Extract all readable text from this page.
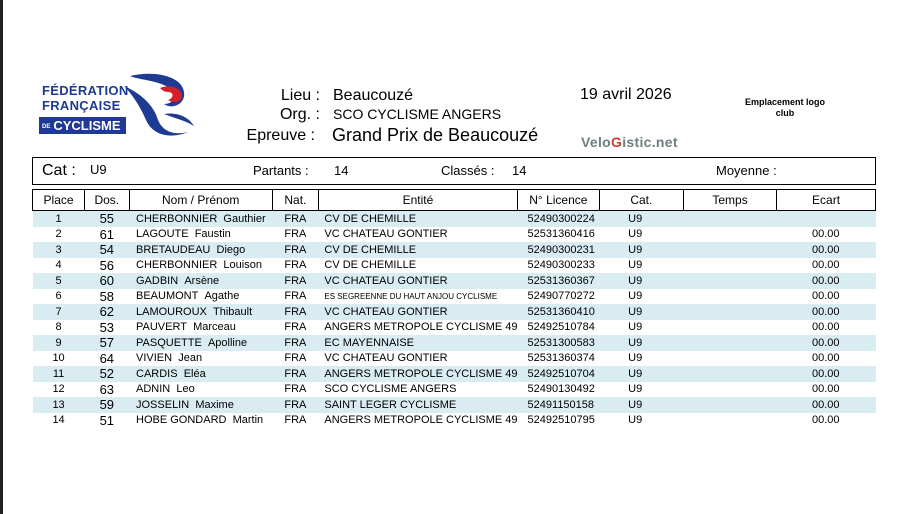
FÉDÉRATION
FRANÇAISE
DE CYCLISME
Lieu : Beaucouzé
Org. : SCO CYCLISME ANGERS
Epreuve : Grand Prix de Beaucouzé
19 avril 2026	Emplacement logo club
VeloGistic.net
Cat : U9	Partants : 14	Classés : 14	Moyenne :
Place	Dos.	Nom / Prénom	Nat.	Entité	N° Licence	Cat.	Temps	Ecart
1	55	CHERBONNIER Gauthier	FRA	CV DE CHEMILLE	52490300224	U9		
2	61	LAGOUTE Faustin	FRA	VC CHATEAU GONTIER	52531360416	U9		00.00
3	54	BRETAUDEAU Diego	FRA	CV DE CHEMILLE	52490300231	U9		00.00
4	56	CHERBONNIER Louison	FRA	CV DE CHEMILLE	52490300233	U9		00.00
5	60	GADBIN Arsène	FRA	VC CHATEAU GONTIER	52531360367	U9		00.00
6	58	BEAUMONT Agathe	FRA	ES SEGREENNE DU HAUT ANJOU CYCLISME	52490770272	U9		00.00
7	62	LAMOUROUX Thibault	FRA	VC CHATEAU GONTIER	52531360410	U9		00.00
8	53	PAUVERT Marceau	FRA	ANGERS METROPOLE CYCLISME 49	52492510784	U9		00.00
9	57	PASQUETTE Apolline	FRA	EC MAYENNAISE	52531300583	U9		00.00
10	64	VIVIEN Jean	FRA	VC CHATEAU GONTIER	52531360374	U9		00.00
11	52	CARDIS Eléa	FRA	ANGERS METROPOLE CYCLISME 49	52492510704	U9		00.00
12	63	ADNIN Leo	FRA	SCO CYCLISME ANGERS	52490130492	U9		00.00
13	59	JOSSELIN Maxime	FRA	SAINT LEGER CYCLISME	52491150158	U9		00.00
14	51	HOBE GONDARD Martin	FRA	ANGERS METROPOLE CYCLISME 49	52492510795	U9		00.00
